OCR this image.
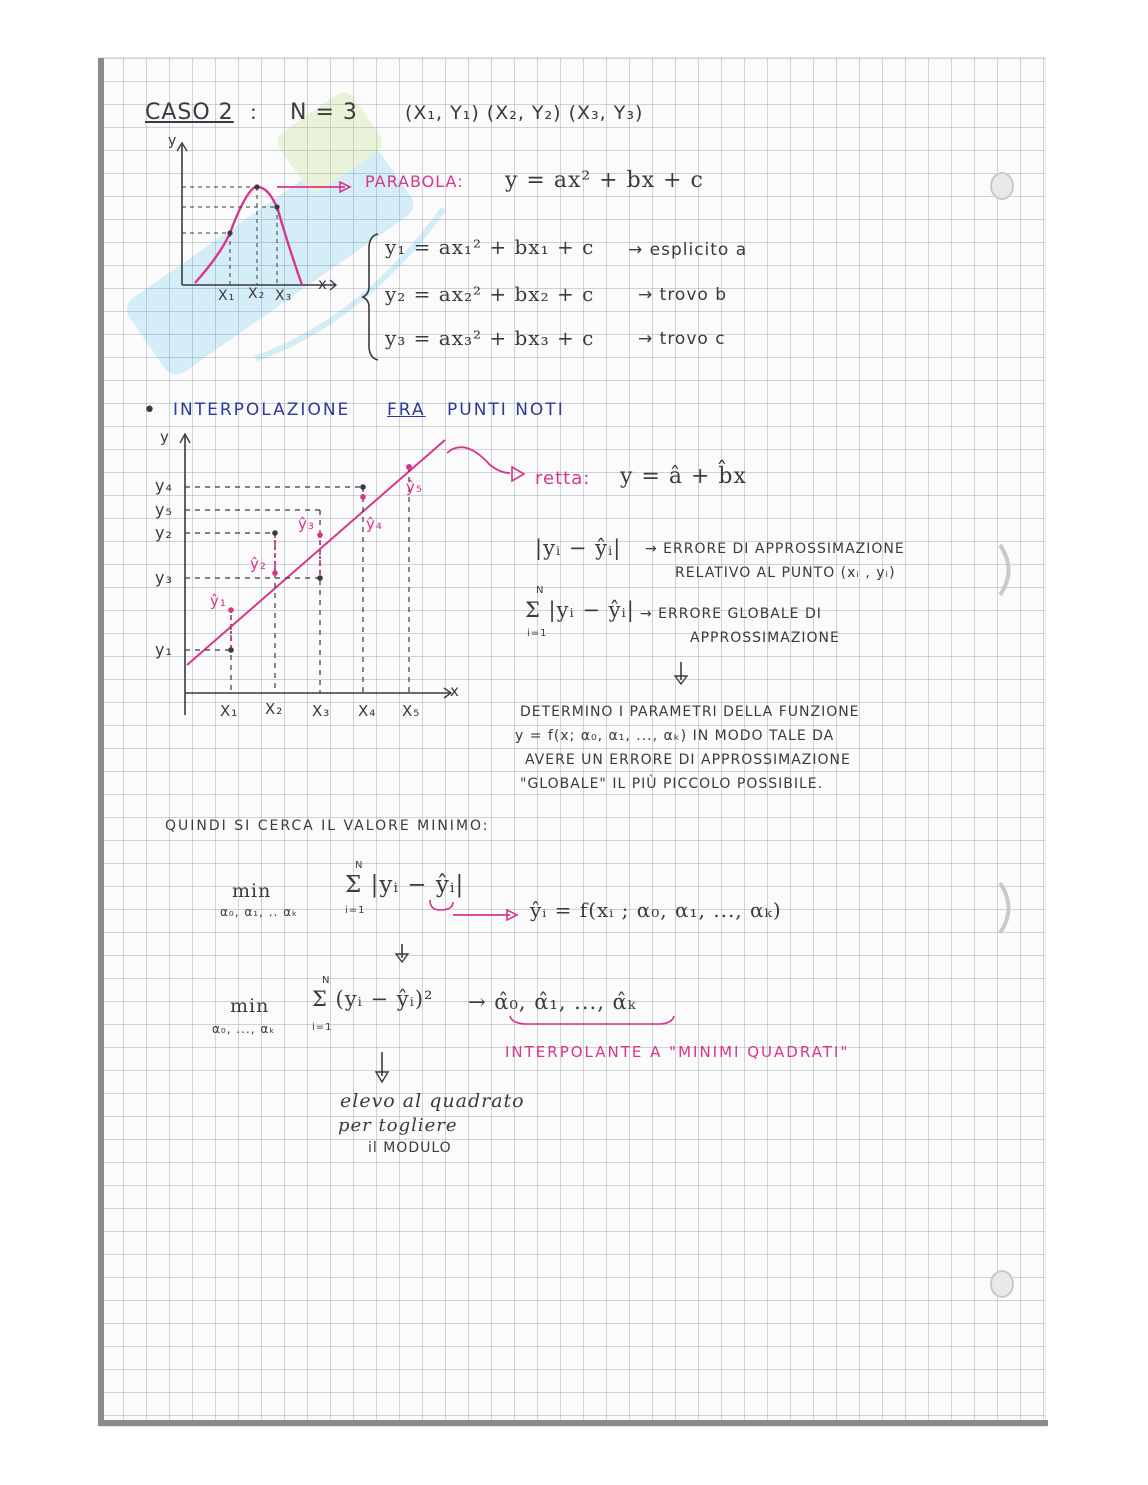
CASO 2 : N = 3 (X₁, Y₁) (X₂, Y₂) (X₃, Y₃)
y
x
X₁ X₂ X₃
PARABOLA: y = ax² + bx + c
y₁ = ax₁² + bx₁ + c → esplicito a
y₂ = ax₂² + bx₂ + c	→ trovo b
y₃ = ax₃² + bx₃ + c	→ trovo c
• INTERPOLAZIONE FRA PUNTI NOTI
y
x
y₄
y₅
y₂
y₃
y₁
X₁ X₂ X₃ X₄ X₅
ŷ₁
ŷ₂
ŷ₃	ŷ₄
ŷ₅	retta: y = â + b̂x
|yᵢ − ŷᵢ| → ERRORE DI APPROSSIMAZIONE
RELATIVO AL PUNTO (xᵢ , yᵢ)
N
Σ |yᵢ − ŷᵢ|
i=1
→ ERRORE GLOBALE DI
APPROSSIMAZIONE
DETERMINO I PARAMETRI DELLA FUNZIONE
y = f(x; α₀, α₁, ..., αₖ) IN MODO TALE DA
AVERE UN ERRORE DI APPROSSIMAZIONE
"GLOBALE" IL PIÙ PICCOLO POSSIBILE.
QUINDI SI CERCA IL VALORE MINIMO:
min
α₀, α₁, .. αₖ
N
Σ |yᵢ − ŷᵢ|
i=1	ŷᵢ = f(xᵢ ; α₀, α₁, ..., αₖ)
min
α₀, ..., αₖ
N
Σ (yᵢ − ŷᵢ)²
i=1
→ α̂₀, α̂₁, ..., α̂ₖ
INTERPOLANTE A "MINIMI QUADRATI"
elevo al quadrato
per togliere
il MODULO
